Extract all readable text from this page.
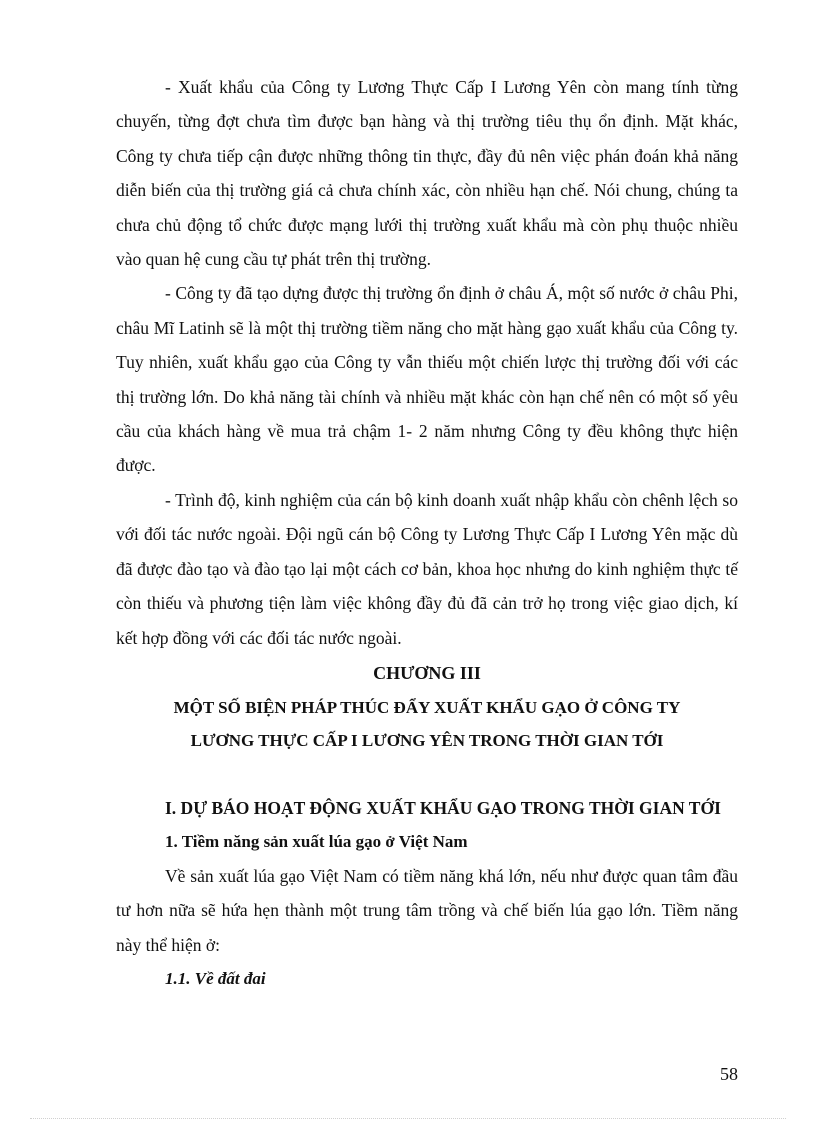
- Xuất khẩu của Công ty Lương Thực Cấp I Lương Yên còn mang tính từng chuyến, từng đợt chưa tìm được bạn hàng và thị trường tiêu thụ ổn định. Mặt khác, Công ty chưa tiếp cận được những thông tin thực, đầy đủ nên việc phán đoán khả năng diễn biến của thị trường giá cả chưa chính xác, còn nhiều hạn chế. Nói chung, chúng ta chưa chủ động tổ chức được mạng lưới thị trường xuất khẩu mà còn phụ thuộc nhiều vào quan hệ cung cầu tự phát trên thị trường.

- Công ty đã tạo dựng được thị trường ổn định ở châu Á, một số nước ở châu Phi, châu Mĩ Latinh sẽ là một thị trường tiềm năng cho mặt hàng gạo xuất khẩu của Công ty. Tuy nhiên, xuất khẩu gạo của Công ty vẫn thiếu một chiến lược thị trường đối với các thị trường lớn. Do khả năng tài chính và nhiều mặt khác còn hạn chế nên có một số yêu cầu của khách hàng về mua trả chậm 1- 2 năm nhưng Công ty đều không thực hiện được.

- Trình độ, kinh nghiệm của cán bộ kinh doanh xuất nhập khẩu còn chênh lệch so với đối tác nước ngoài. Đội ngũ cán bộ Công ty Lương Thực Cấp I Lương Yên mặc dù đã được đào tạo và đào tạo lại một cách cơ bản, khoa học nhưng do kinh nghiệm thực tế còn thiếu và phương tiện làm việc không đầy đủ đã cản trở họ trong việc giao dịch, kí kết hợp đồng với các đối tác nước ngoài.

CHƯƠNG III
MỘT SỐ BIỆN PHÁP THÚC ĐẨY XUẤT KHẨU GẠO Ở CÔNG TY
LƯƠNG THỰC CẤP I LƯƠNG YÊN TRONG THỜI GIAN TỚI

I. DỰ BÁO HOẠT ĐỘNG XUẤT KHẨU GẠO TRONG THỜI GIAN TỚI

1. Tiềm năng sản xuất lúa gạo ở Việt Nam

Về sản xuất lúa gạo Việt Nam có tiềm năng khá lớn, nếu như được quan tâm đầu tư hơn nữa sẽ hứa hẹn thành một trung tâm trồng và chế biến lúa gạo lớn. Tiềm năng này thể hiện ở:

1.1. Về đất đai

58
